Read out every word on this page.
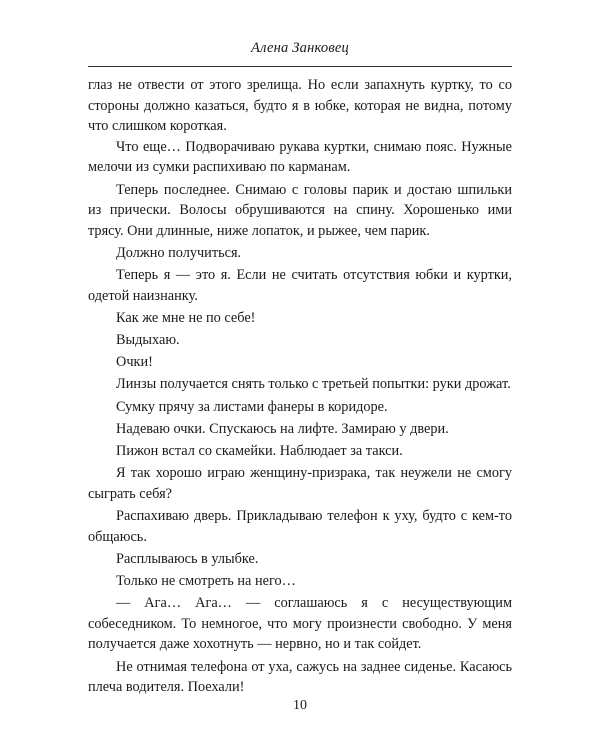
Алена Занковец

глаз не отвести от этого зрелища. Но если запахнуть куртку, то со стороны должно казаться, будто я в юбке, которая не видна, потому что слишком короткая.

Что еще… Подворачиваю рукава куртки, снимаю пояс. Нужные мелочи из сумки распихиваю по карманам.

Теперь последнее. Снимаю с головы парик и достаю шпильки из прически. Волосы обрушиваются на спину. Хорошенько ими трясу. Они длинные, ниже лопаток, и рыжее, чем парик.

Должно получиться.

Теперь я — это я. Если не считать отсутствия юбки и куртки, одетой наизнанку.

Как же мне не по себе!

Выдыхаю.

Очки!

Линзы получается снять только с третьей попытки: руки дрожат.

Сумку прячу за листами фанеры в коридоре.

Надеваю очки. Спускаюсь на лифте. Замираю у двери.

Пижон встал со скамейки. Наблюдает за такси.

Я так хорошо играю женщину-призрака, так неужели не смогу сыграть себя?

Распахиваю дверь. Прикладываю телефон к уху, будто с кем-то общаюсь.

Расплываюсь в улыбке.

Только не смотреть на него…

— Ага… Ага… — соглашаюсь я с несуществующим собеседником. То немногое, что могу произнести свободно. У меня получается даже хохотнуть — нервно, но и так сойдет.

Не отнимая телефона от уха, сажусь на заднее сиденье. Касаюсь плеча водителя. Поехали!

10
